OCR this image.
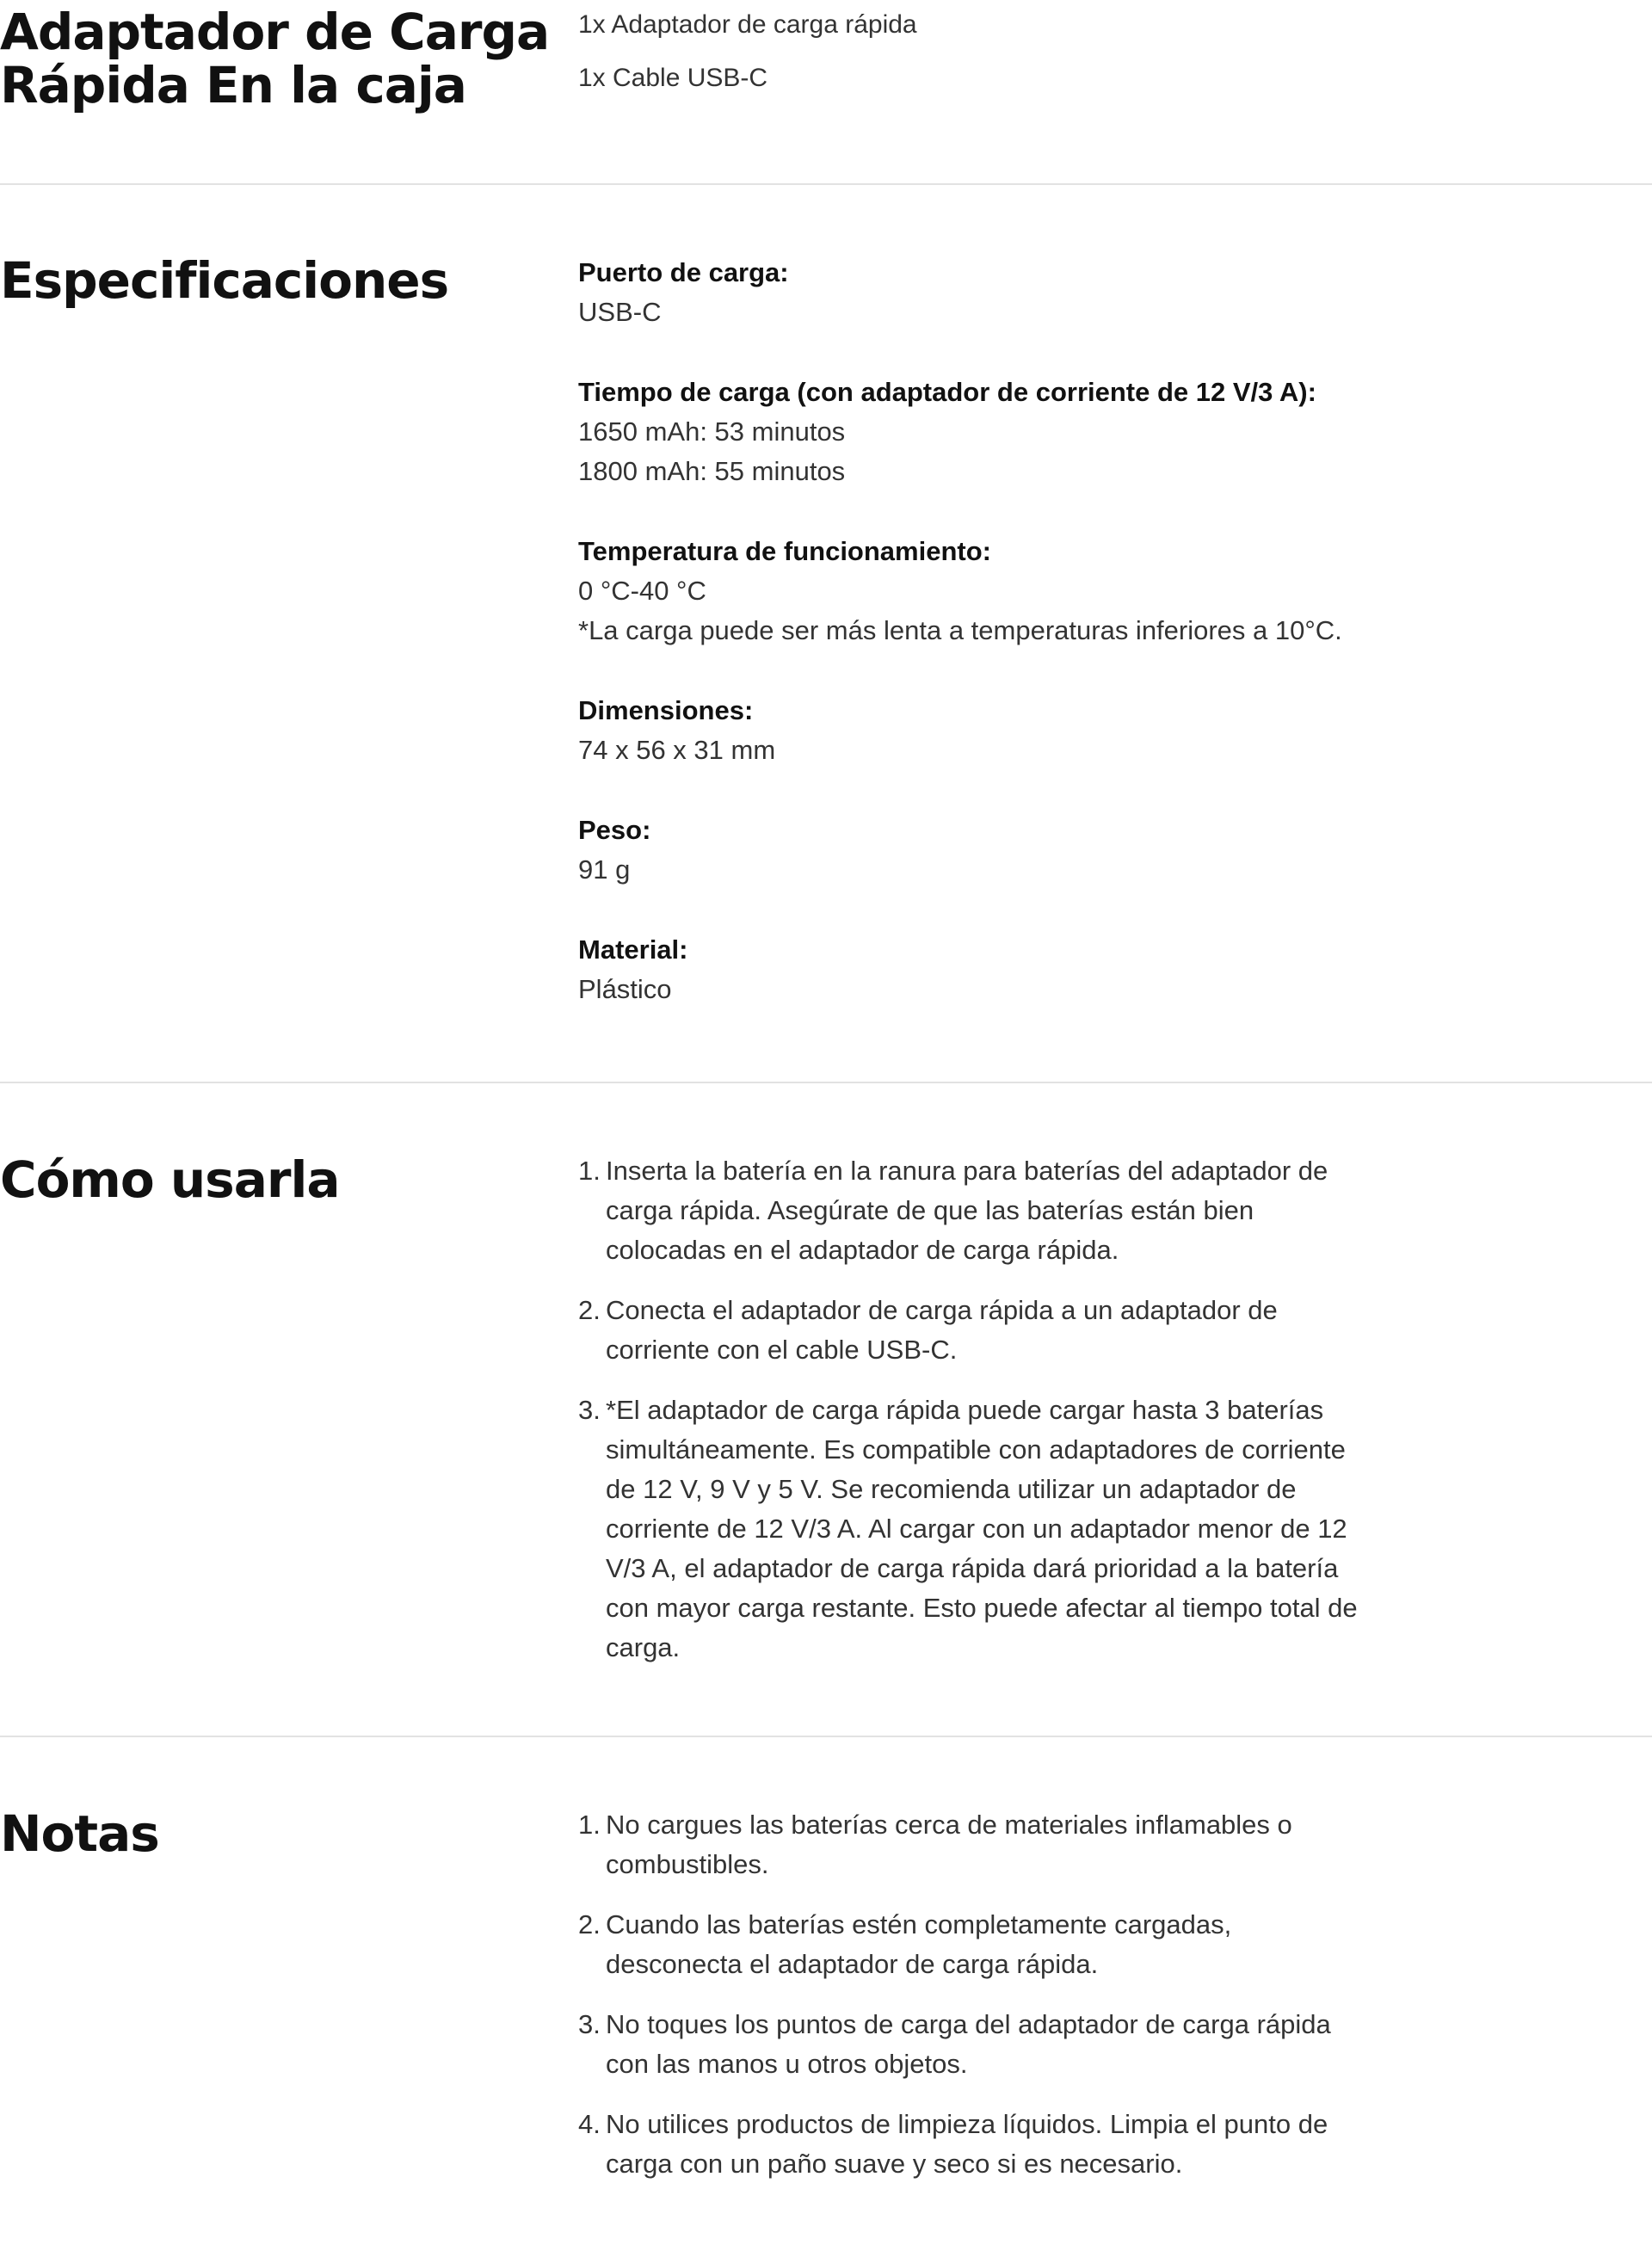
Adaptador de Carga Rápida En la caja
1x Adaptador de carga rápida
1x Cable USB-C
Especificaciones	Puerto de carga:
USB-C
Tiempo de carga (con adaptador de corriente de 12 V/3 A):
1650 mAh: 53 minutos
1800 mAh: 55 minutos
Temperatura de funcionamiento:
0 °C-40 °C
*La carga puede ser más lenta a temperaturas inferiores a 10°C.
Dimensiones:
74 x 56 x 31 mm
Peso:
91 g
Material:
Plástico
Cómo usarla	1. Inserta la batería en la ranura para baterías del adaptador de carga rápida. Asegúrate de que las baterías están bien colocadas en el adaptador de carga rápida.
2. Conecta el adaptador de carga rápida a un adaptador de corriente con el cable USB-C.
3. *El adaptador de carga rápida puede cargar hasta 3 baterías simultáneamente. Es compatible con adaptadores de corriente de 12 V, 9 V y 5 V. Se recomienda utilizar un adaptador de corriente de 12 V/3 A. Al cargar con un adaptador menor de 12 V/3 A, el adaptador de carga rápida dará prioridad a la batería con mayor carga restante. Esto puede afectar al tiempo total de carga.
Notas	1. No cargues las baterías cerca de materiales inflamables o combustibles.
2. Cuando las baterías estén completamente cargadas, desconecta el adaptador de carga rápida.
3. No toques los puntos de carga del adaptador de carga rápida con las manos u otros objetos.
4. No utilices productos de limpieza líquidos. Limpia el punto de carga con un paño suave y seco si es necesario.
